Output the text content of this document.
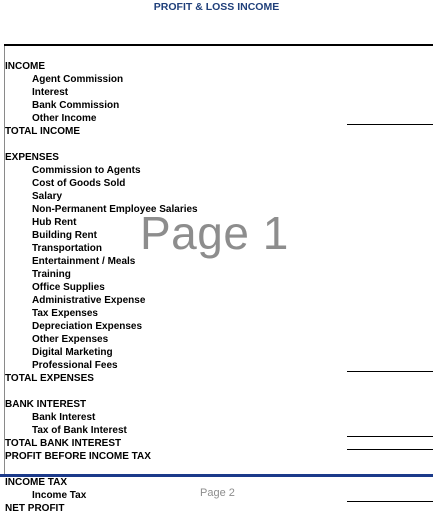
PROFIT & LOSS INCOME
INCOME
Agent Commission
Interest
Bank Commission
Other Income
TOTAL INCOME
EXPENSES
Commission to Agents
Cost of Goods Sold
Salary
Non-Permanent Employee Salaries
Hub Rent
Building Rent
Transportation
Entertainment / Meals
Training
Office Supplies
Administrative Expense
Tax Expenses
Depreciation Expenses
Other Expenses
Digital Marketing
Professional Fees
TOTAL EXPENSES
BANK INTEREST
Bank Interest
Tax of Bank Interest
TOTAL BANK INTEREST
PROFIT BEFORE INCOME TAX
INCOME TAX
Income Tax
NET PROFIT
Page 1
Page 2
